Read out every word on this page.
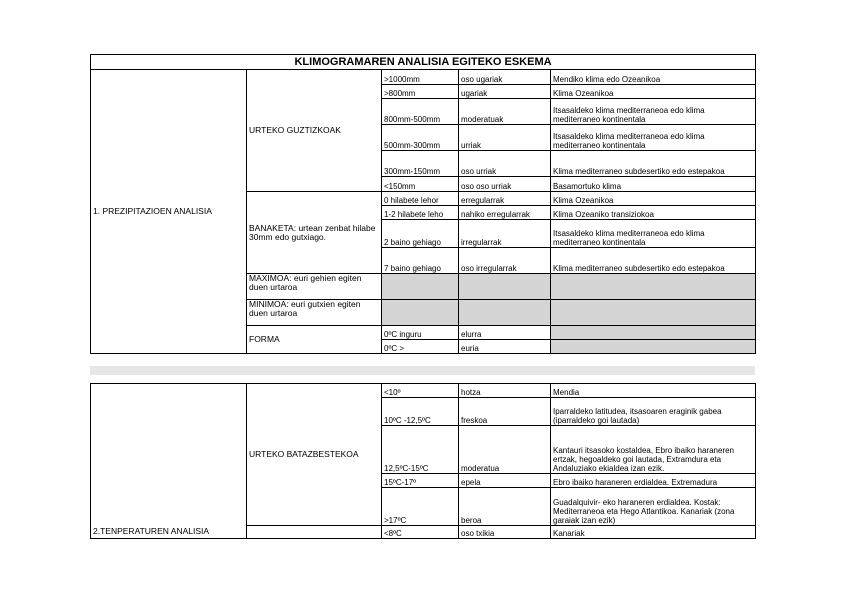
KLIMOGRAMAREN ANALISIA EGITEKO ESKEMA				
1. PREZIPITAZIOEN ANALISIA	URTEKO GUZTIZKOAK	>1000mm	oso ugariak	Mendiko klima edo Ozeanikoa
		>800mm	ugariak	Klima Ozeanikoa
		800mm-500mm	moderatuak	Itsasaldeko klima mediterraneoa edo klima mediterraneo kontinentala
		500mm-300mm	urriak	Itsasaldeko klima mediterraneoa edo klima mediterraneo kontinentala
		300mm-150mm	oso urriak	Klima mediterraneo subdesertiko edo estepakoa
		<150mm	oso oso urriak	Basamortuko klima
	BANAKETA: urtean zenbat hilabe 30mm edo gutxiago.	0 hilabete lehor	erregularrak	Klima Ozeanikoa
		1-2 hilabete leho	nahiko erregularrak	Klima Ozeaniko transiziokoa
		2 baino gehiago	irregularrak	Itsasaldeko klima mediterraneoa edo klima mediterraneo kontinentala
		7 baino gehiago	oso irregularrak	Klima mediterraneo subdesertiko edo estepakoa
	MAXIMOA: euri gehien egiten duen urtaroa			
	MINIMOA: euri gutxien egiten duen urtaroa			
	FORMA	0ºC inguru	elurra	
		0ºC >	euria	
2.TENPERATUREN ANALISIA	URTEKO BATAZBESTEKOA	<10º	hotza	Mendia
		10ºC -12,5ºC	freskoa	Iparraldeko latitudea, itsasoaren eraginik gabea (iparraldeko goi lautada)
		12,5ºC-15ºC	moderatua	Kantauri itsasoko kostaldea, Ebro ibaiko haraneren ertzak, hegoaldeko goi lautada, Extramdura eta Andaluziako ekialdea izan ezik.
		15ºC-17º	epela	Ebro ibaiko haraneren erdialdea. Extremadura
		>17ºC	beroa	Guadalquivir- eko haraneren erdialdea. Kostak: Mediterraneoa eta Hego Atlantikoa. Kanariak (zona garaiak izan ezik)
		<8ºC	oso txikia	Kanariak
